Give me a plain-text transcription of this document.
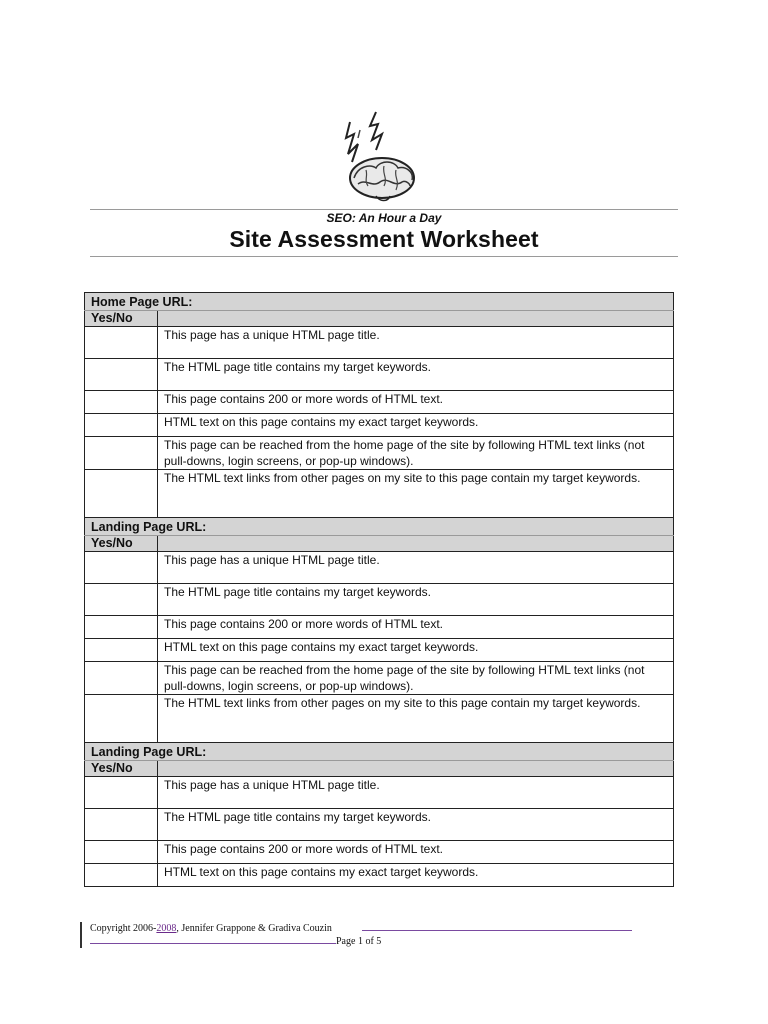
SEO: An Hour a Day
Site Assessment Worksheet
Home Page URL:	
Yes/No	
	This page has a unique HTML page title.
	The HTML page title contains my target keywords.
	This page contains 200 or more words of HTML text.
	HTML text on this page contains my exact target keywords.
	This page can be reached from the home page of the site by following HTML text links (not pull-downs, login screens, or pop-up windows).
	The HTML text links from other pages on my site to this page contain my target keywords.
Landing Page URL:	
Yes/No	
	This page has a unique HTML page title.
	The HTML page title contains my target keywords.
	This page contains 200 or more words of HTML text.
	HTML text on this page contains my exact target keywords.
	This page can be reached from the home page of the site by following HTML text links (not pull-downs, login screens, or pop-up windows).
	The HTML text links from other pages on my site to this page contain my target keywords.
Landing Page URL:	
Yes/No	
	This page has a unique HTML page title.
	The HTML page title contains my target keywords.
	This page contains 200 or more words of HTML text.
	HTML text on this page contains my exact target keywords.
Copyright 2006-2008, Jennifer Grappone & Gradiva Couzin
Page 1 of 5
